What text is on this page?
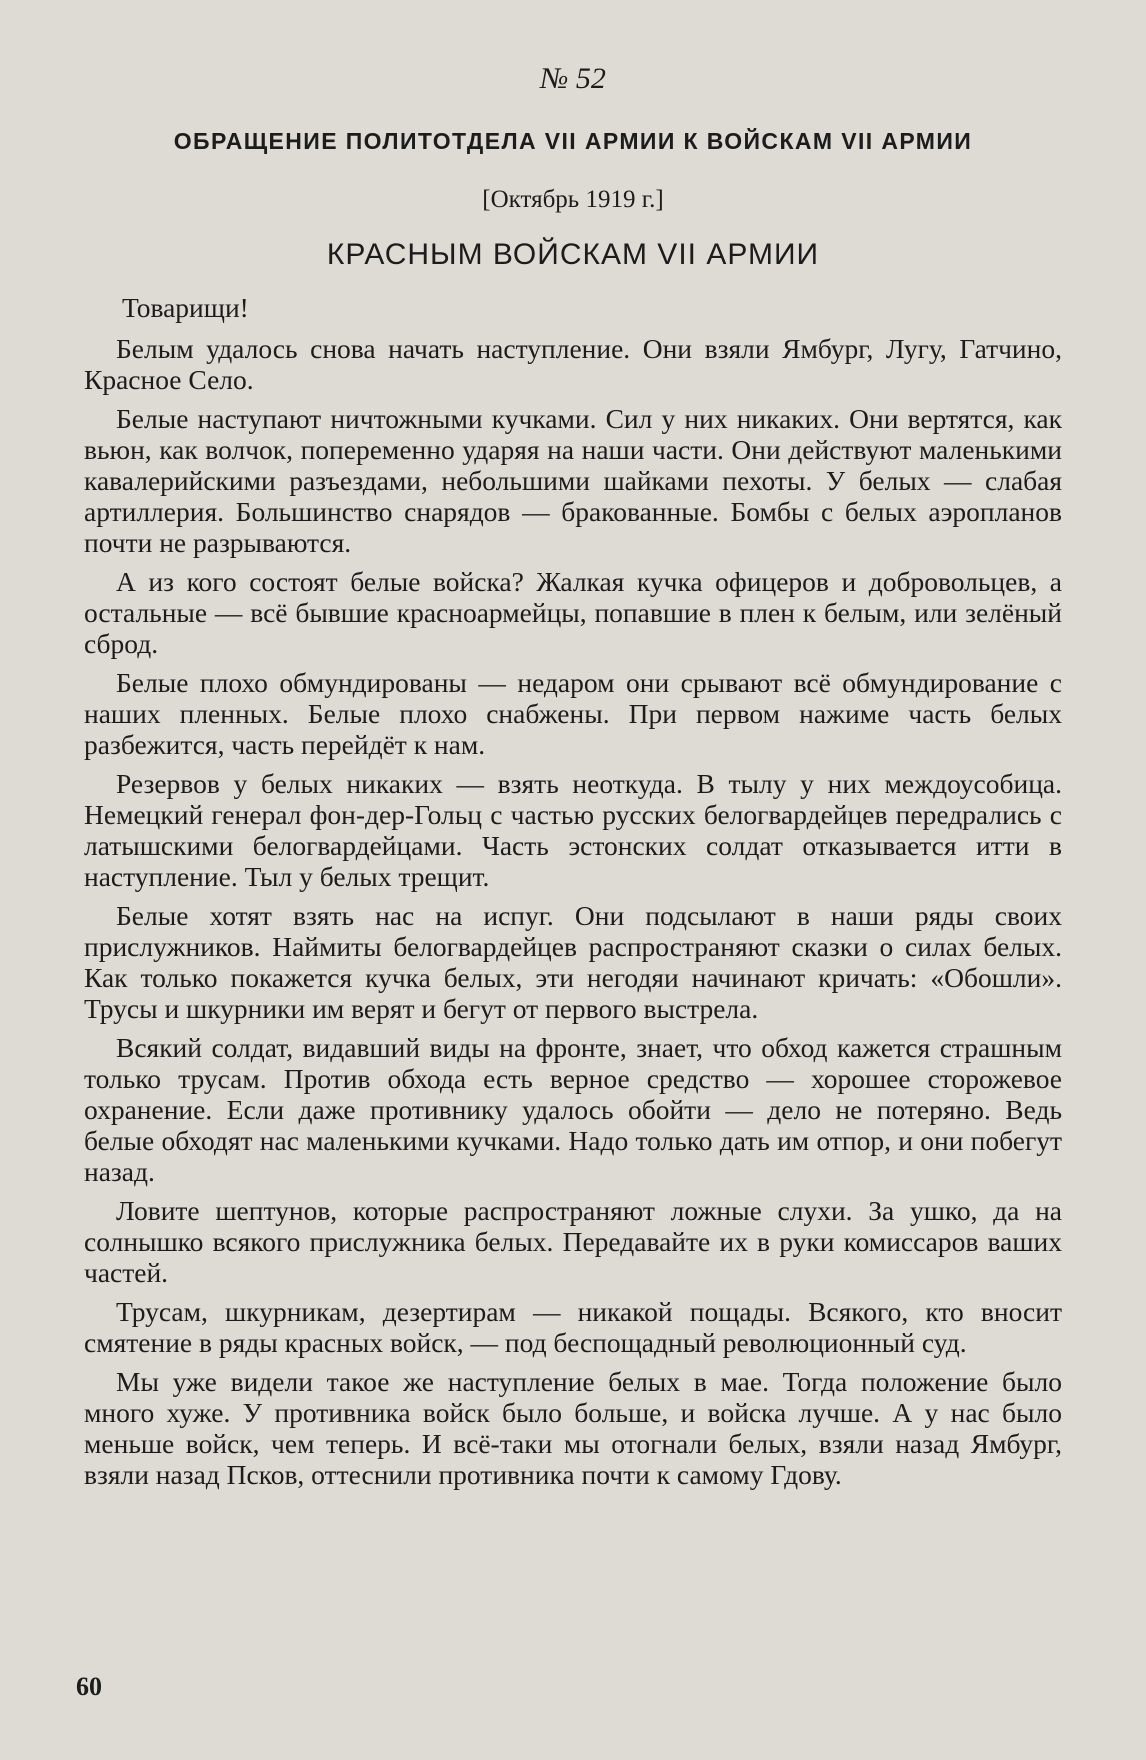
№ 52
ОБРАЩЕНИЕ ПОЛИТОТДЕЛА VII АРМИИ К ВОЙСКАМ VII АРМИИ
[Октябрь 1919 г.]
КРАСНЫМ ВОЙСКАМ VII АРМИИ

Товарищи!

Белым удалось снова начать наступление. Они взяли Ямбург, Лугу, Гатчино, Красное Село.

Белые наступают ничтожными кучками. Сил у них никаких. Они вертятся, как вьюн, как волчок, попеременно ударяя на наши части. Они действуют маленькими кавалерийскими разъездами, небольшими шайками пехоты. У белых — слабая артиллерия. Большинство снарядов — бракованные. Бомбы с белых аэропланов почти не разрываются.

А из кого состоят белые войска? Жалкая кучка офицеров и добровольцев, а остальные — всё бывшие красноармейцы, попавшие в плен к белым, или зелёный сброд.

Белые плохо обмундированы — недаром они срывают всё обмундирование с наших пленных. Белые плохо снабжены. При первом нажиме часть белых разбежится, часть перейдёт к нам.

Резервов у белых никаких — взять неоткуда. В тылу у них междоусобица. Немецкий генерал фон-дер-Гольц с частью русских белогвардейцев передрались с латышскими белогвардейцами. Часть эстонских солдат отказывается итти в наступление. Тыл у белых трещит.

Белые хотят взять нас на испуг. Они подсылают в наши ряды своих прислужников. Наймиты белогвардейцев распространяют сказки о силах белых. Как только покажется кучка белых, эти негодяи начинают кричать: «Обошли». Трусы и шкурники им верят и бегут от первого выстрела.

Всякий солдат, видавший виды на фронте, знает, что обход кажется страшным только трусам. Против обхода есть верное средство — хорошее сторожевое охранение. Если даже противнику удалось обойти — дело не потеряно. Ведь белые обходят нас маленькими кучками. Надо только дать им отпор, и они побегут назад.

Ловите шептунов, которые распространяют ложные слухи. За ушко, да на солнышко всякого прислужника белых. Передавайте их в руки комиссаров ваших частей.

Трусам, шкурникам, дезертирам — никакой пощады. Всякого, кто вносит смятение в ряды красных войск, — под беспощадный революционный суд.

Мы уже видели такое же наступление белых в мае. Тогда положение было много хуже. У противника войск было больше, и войска лучше. А у нас было меньше войск, чем теперь. И всё-таки мы отогнали белых, взяли назад Ямбург, взяли назад Псков, оттеснили противника почти к самому Гдову.

60
